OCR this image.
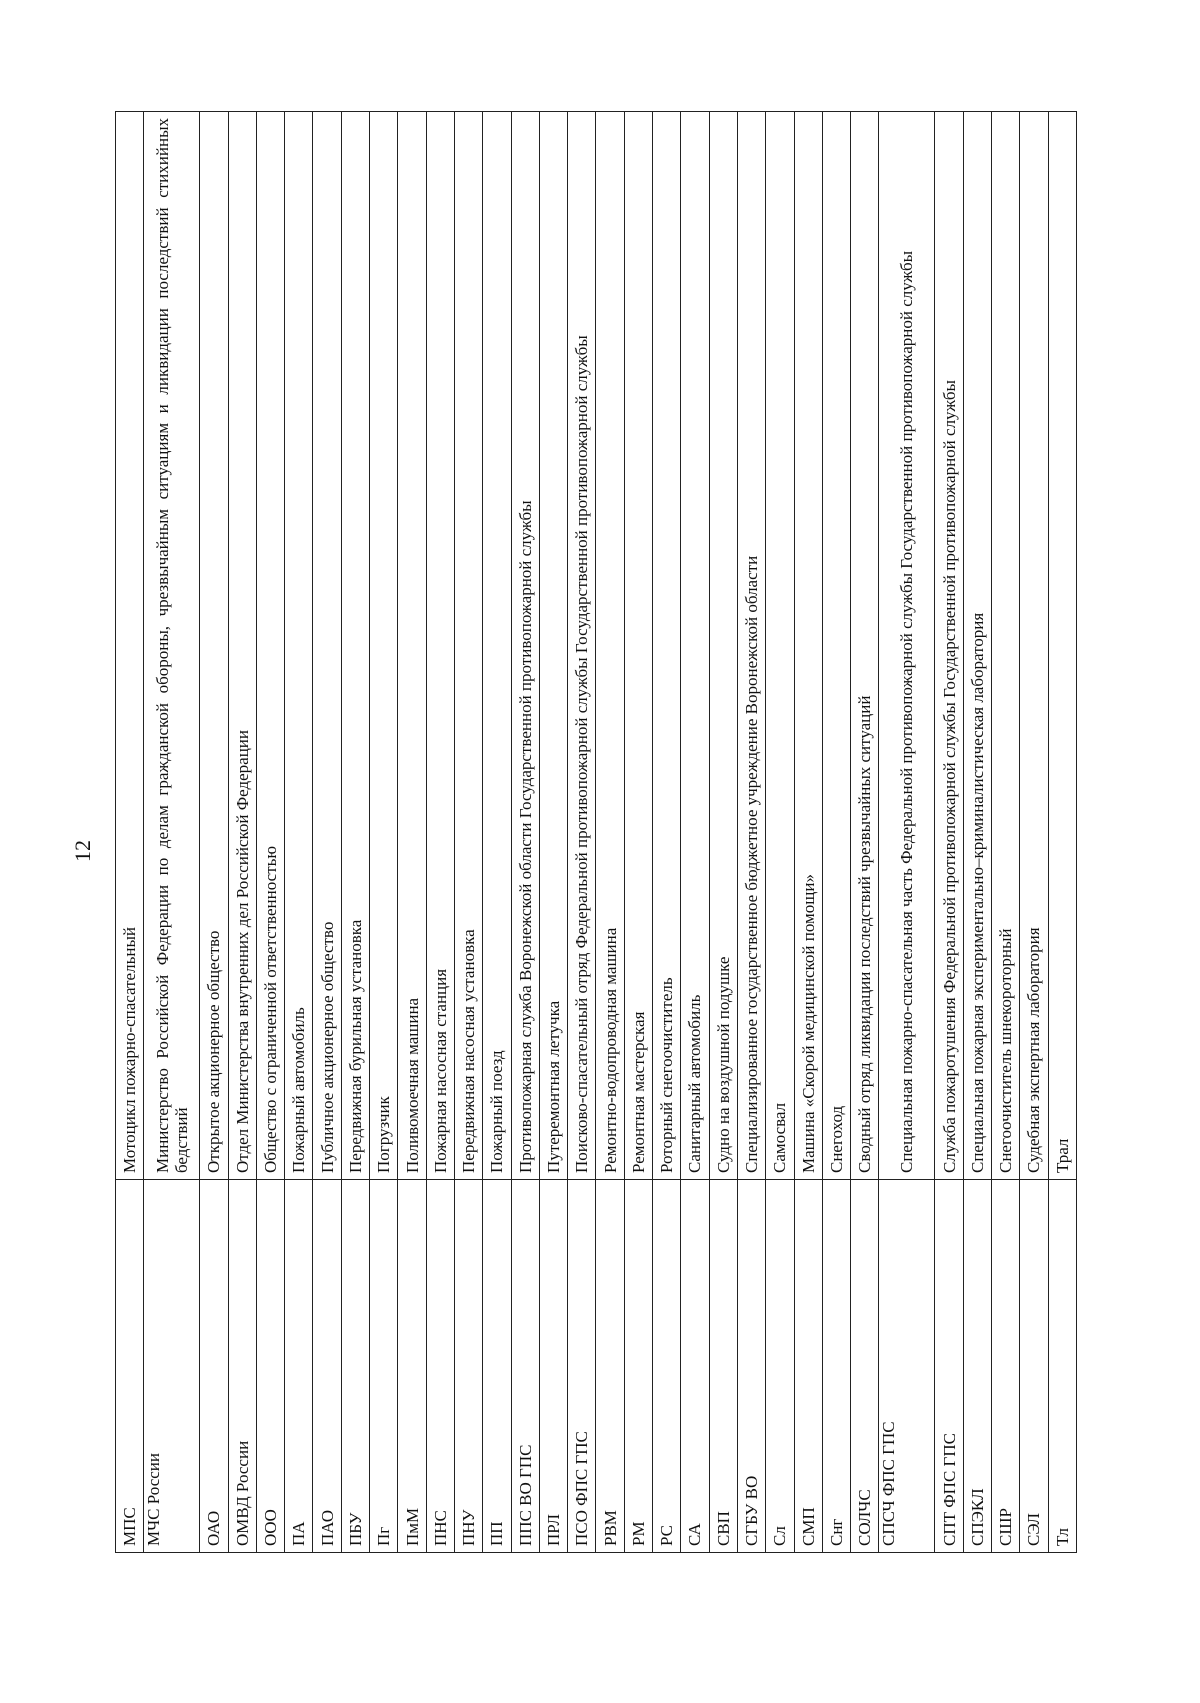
12
МПС	Мотоцикл пожарно-спасательный
МЧС России	Министерство Российской Федерации по делам гражданской обороны, чрезвычайным ситуациям и ликвидации последствий стихийных бедствий
ОАО	Открытое акционерное общество
ОМВД России	Отдел Министерства внутренних дел Российской Федерации
ООО	Общество с ограниченной ответственностью
ПА	Пожарный автомобиль
ПАО	Публичное акционерное общество
ПБУ	Передвижная бурильная установка
Пг	Погрузчик
ПмМ	Поливомоечная машина
ПНС	Пожарная насосная станция
ПНУ	Передвижная насосная установка
ПП	Пожарный поезд
ППС ВО ГПС	Противопожарная служба Воронежской области Государственной противопожарной службы
ПРЛ	Путеремонтная летучка
ПСО ФПС ГПС	Поисково-спасательный отряд Федеральной противопожарной службы Государственной противопожарной службы
РВМ	Ремонтно-водопроводная машина
РМ	Ремонтная мастерская
РС	Роторный снегоочиститель
СА	Санитарный автомобиль
СВП	Судно на воздушной подушке
СГБУ ВО	Специализированное государственное бюджетное учреждение Воронежской области
Сл	Самосвал
СМП	Машина «Скорой медицинской помощи»
Снг	Снегоход
СОЛЧС	Сводный отряд ликвидации последствий чрезвычайных ситуаций
СПСЧ ФПС ГПС	Специальная пожарно-спасательная часть Федеральной противопожарной службы Государственной противопожарной службы
СПТ ФПС ГПС	Служба пожаротушения Федеральной противопожарной службы Государственной противопожарной службы
СПЭКЛ	Специальная пожарная экспериментально–криминалистическая лаборатория
СШР	Снегоочиститель шнекороторный
СЭЛ	Судебная экспертная лаборатория
Тл	Трал
